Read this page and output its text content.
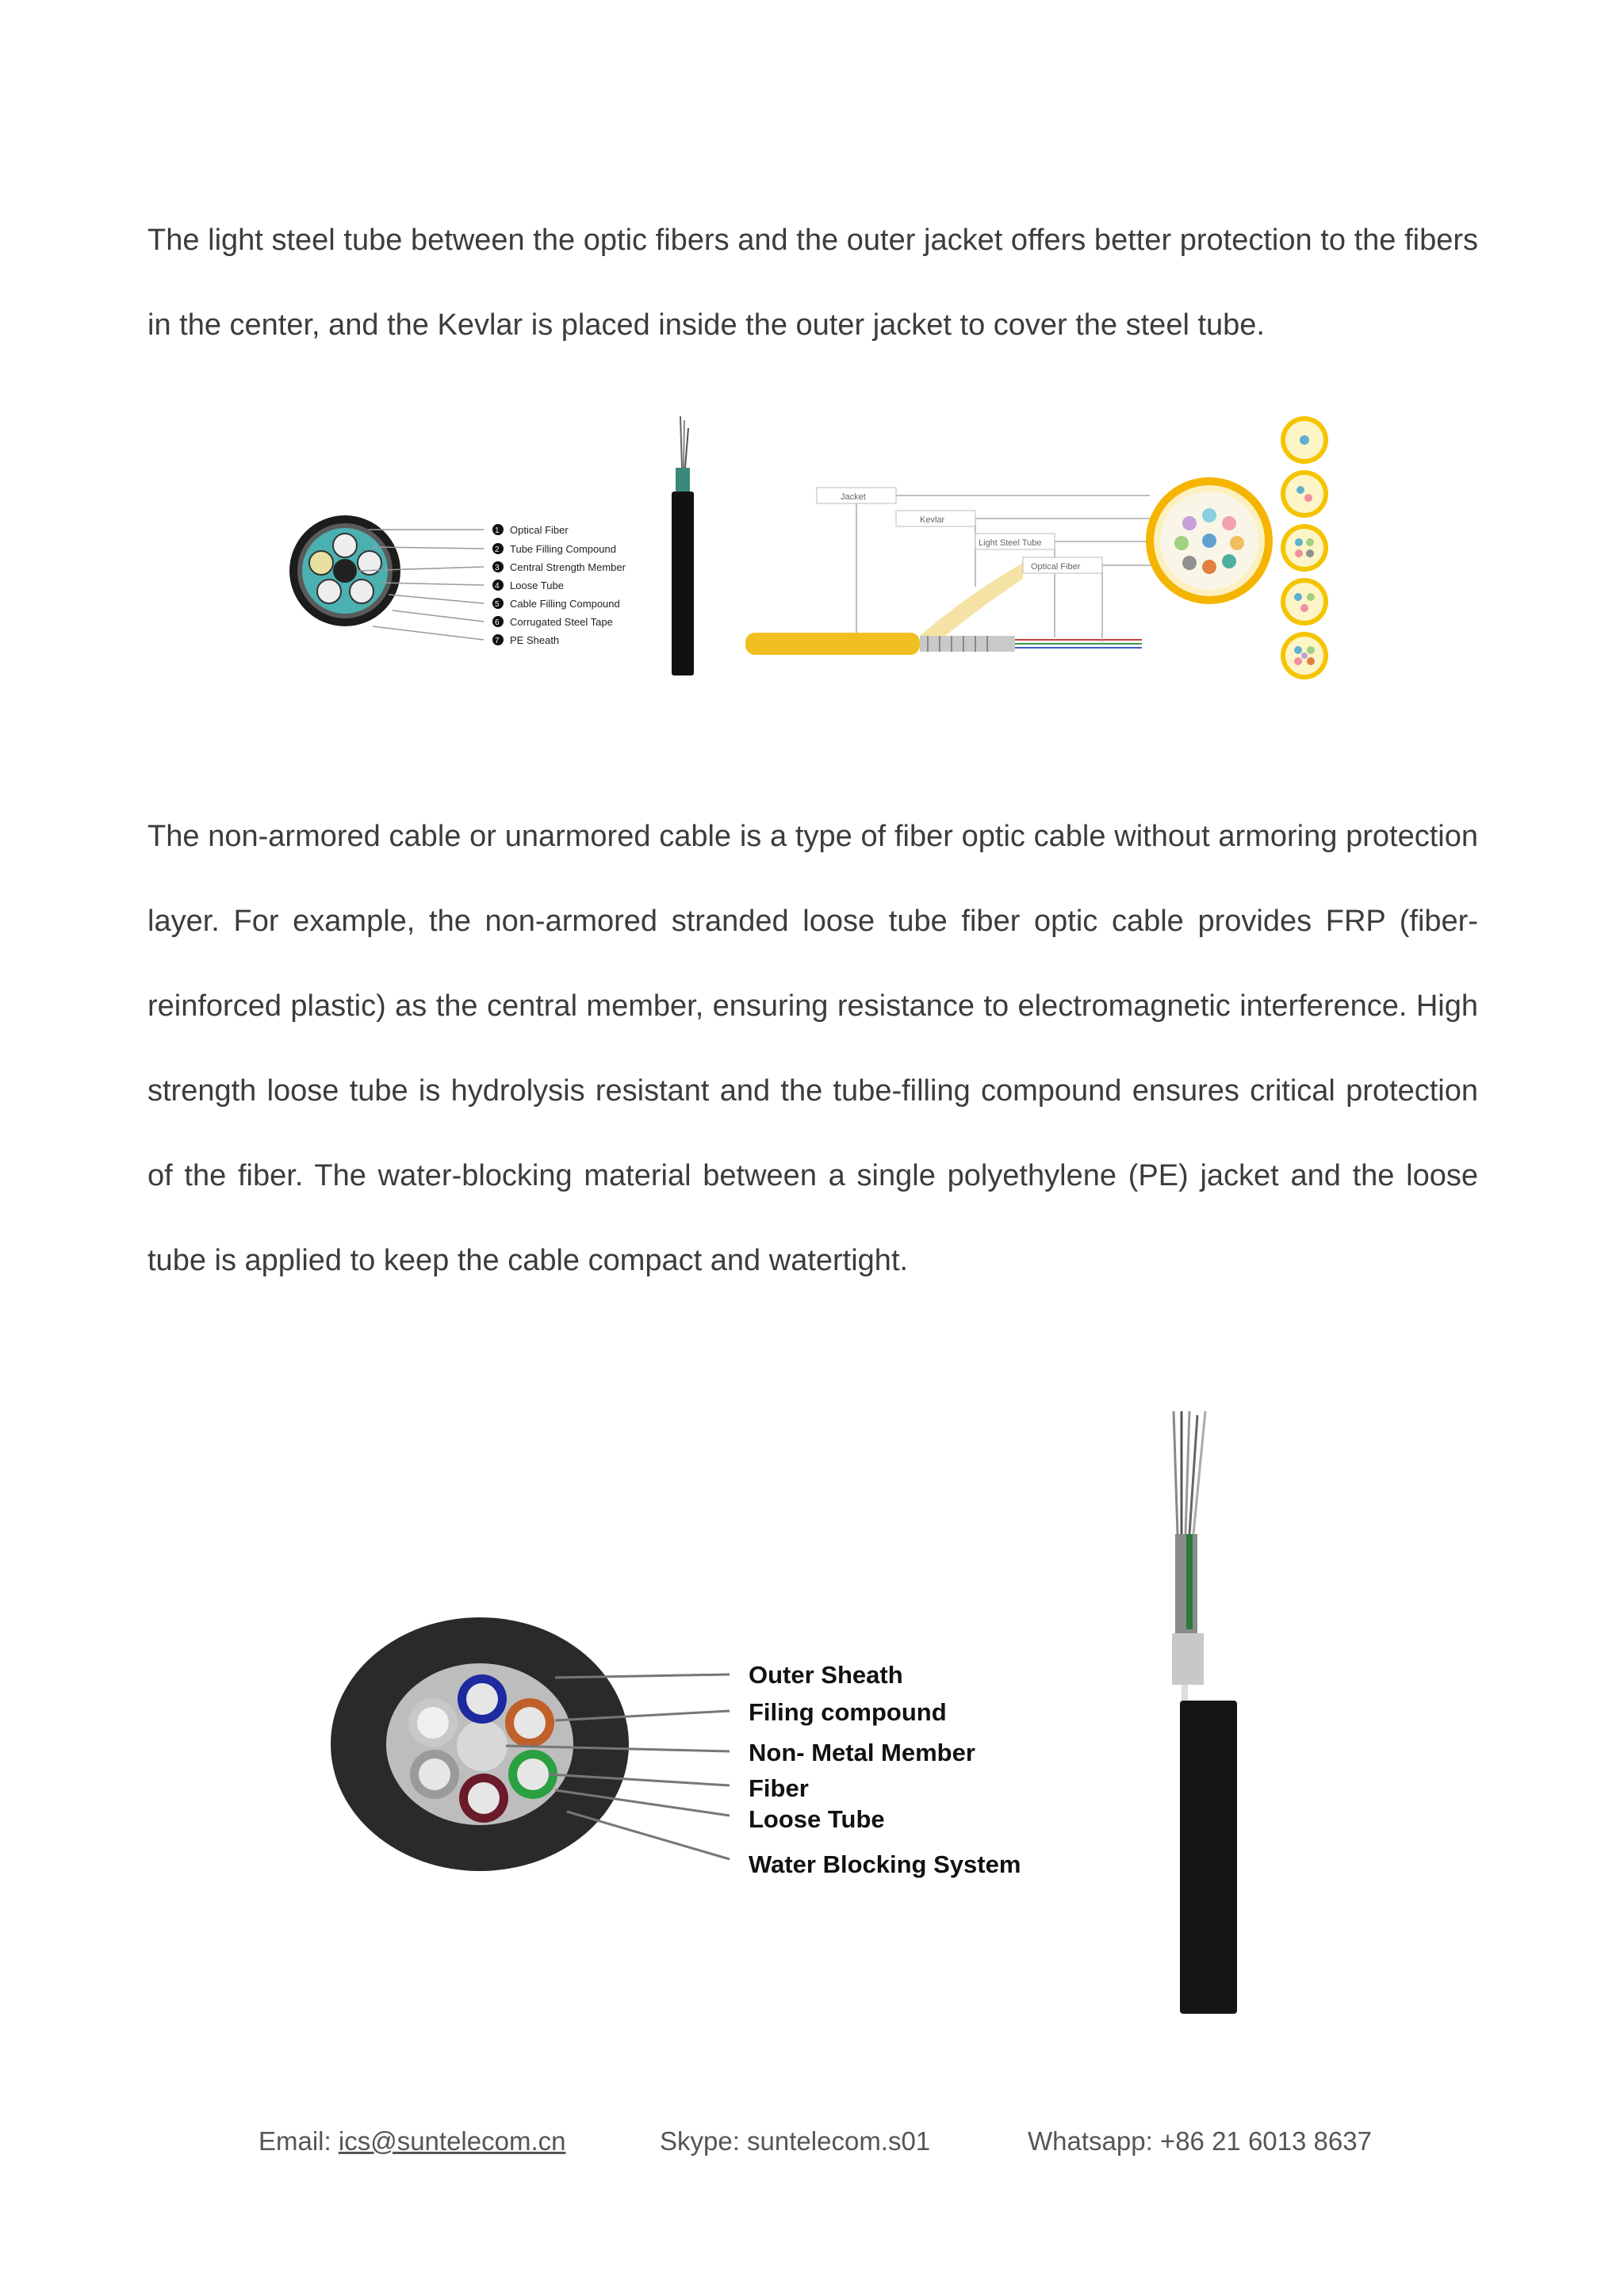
The light steel tube between the optic fibers and the outer jacket offers better protection to the fibers in the center, and the Kevlar is placed inside the outer jacket to cover the steel tube.

1 Optical Fiber
2 Tube Filling Compound
3 Central Strength Member
4 Loose Tube
5 Cable Filling Compound
6 Corrugated Steel Tape
7 PE Sheath
Jacket
Kevlar
Light Steel Tube
Optical Fiber

The non-armored cable or unarmored cable is a type of fiber optic cable without armoring protection layer. For example, the non-armored stranded loose tube fiber optic cable provides FRP (fiber-reinforced plastic) as the central member, ensuring resistance to electromagnetic interference. High strength loose tube is hydrolysis resistant and the tube-filling compound ensures critical protection of the fiber. The water-blocking material between a single polyethylene (PE) jacket and the loose tube is applied to keep the cable compact and watertight.

Outer Sheath
Filing compound
Non- Metal Member
Fiber
Loose Tube
Water Blocking System
Email: ics@suntelecom.cn	Skype: suntelecom.s01	Whatsapp: +86 21 6013 8637
